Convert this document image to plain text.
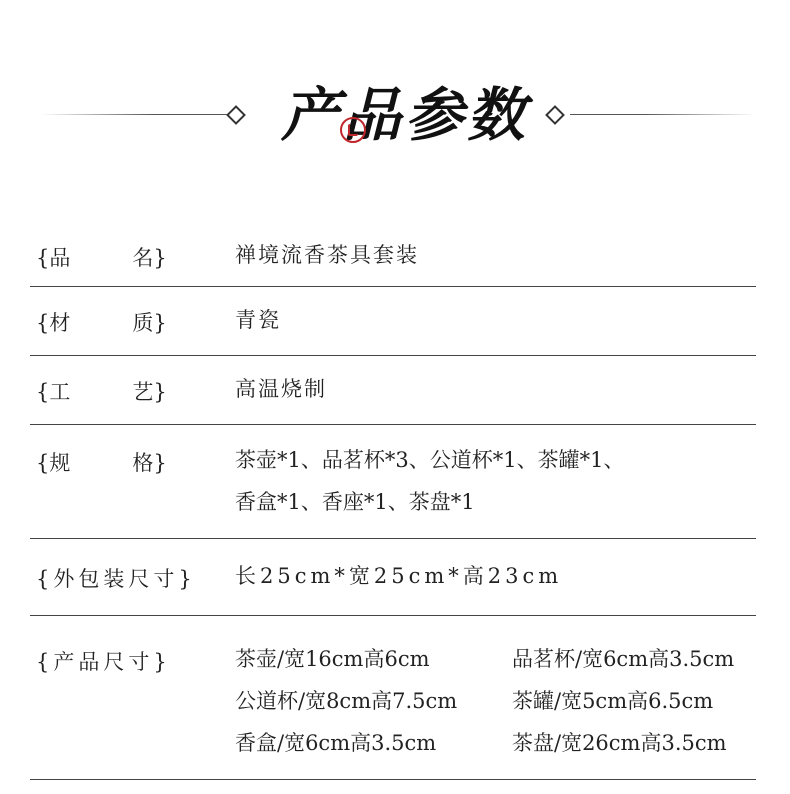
产品参数
{品	名}	禅境流香茶具套装
{材	质}	青瓷
{工	艺}	高温烧制
{规	格}	茶壶*1、品茗杯*3、公道杯*1、茶罐*1、
香盒*1、香座*1、茶盘*1
{外包装尺寸} 长25cm*宽25cm*高23cm
{产品尺寸}	茶壶/宽16cm高6cm	品茗杯/宽6cm高3.5cm
公道杯/宽8cm高7.5cm	茶罐/宽5cm高6.5cm
香盒/宽6cm高3.5cm	茶盘/宽26cm高3.5cm
